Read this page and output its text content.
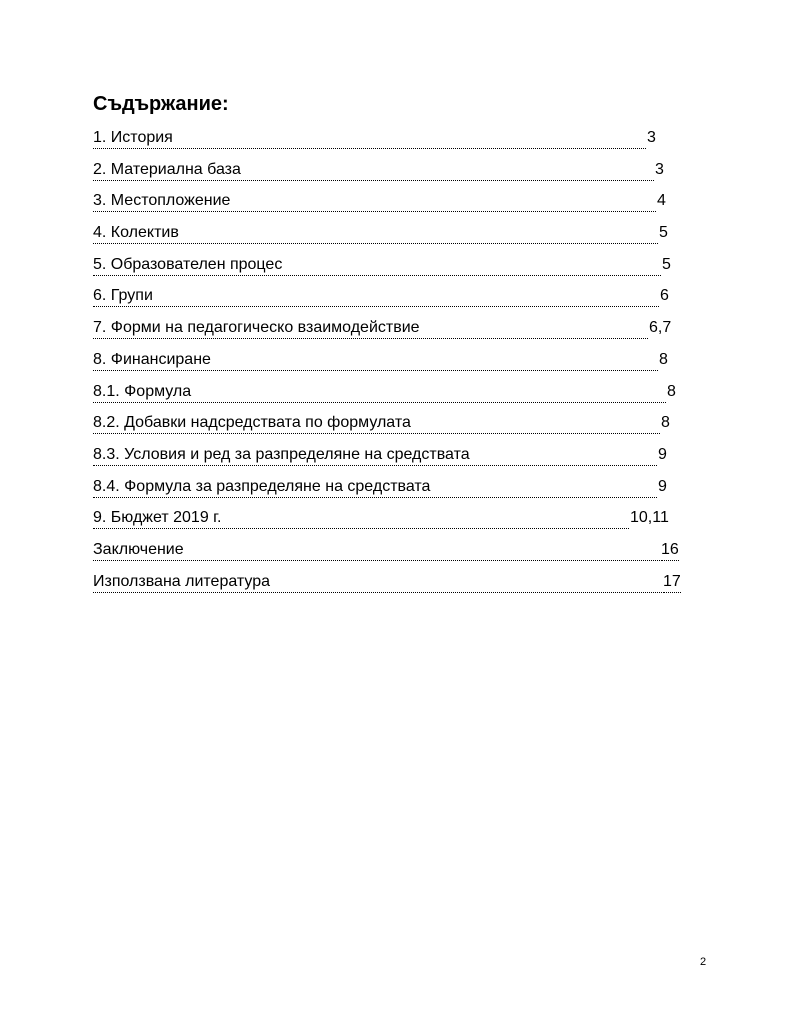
Съдържание:
1. История	3
2. Материална база	3
3. Местопложение	4
4. Колектив	5
5. Образователен процес	5
6. Групи	6
7. Форми на педагогическо взаимодействие	6,7
8. Финансиране	8
8.1. Формула	8
8.2. Добавки надсредствата по формулата	8
8.3. Условия и ред за разпределяне на средствата	9
8.4. Формула за разпределяне на средствата	9
9. Бюджет 2019 г.	10,11
Заключение	16
Използвана литература	17
2
